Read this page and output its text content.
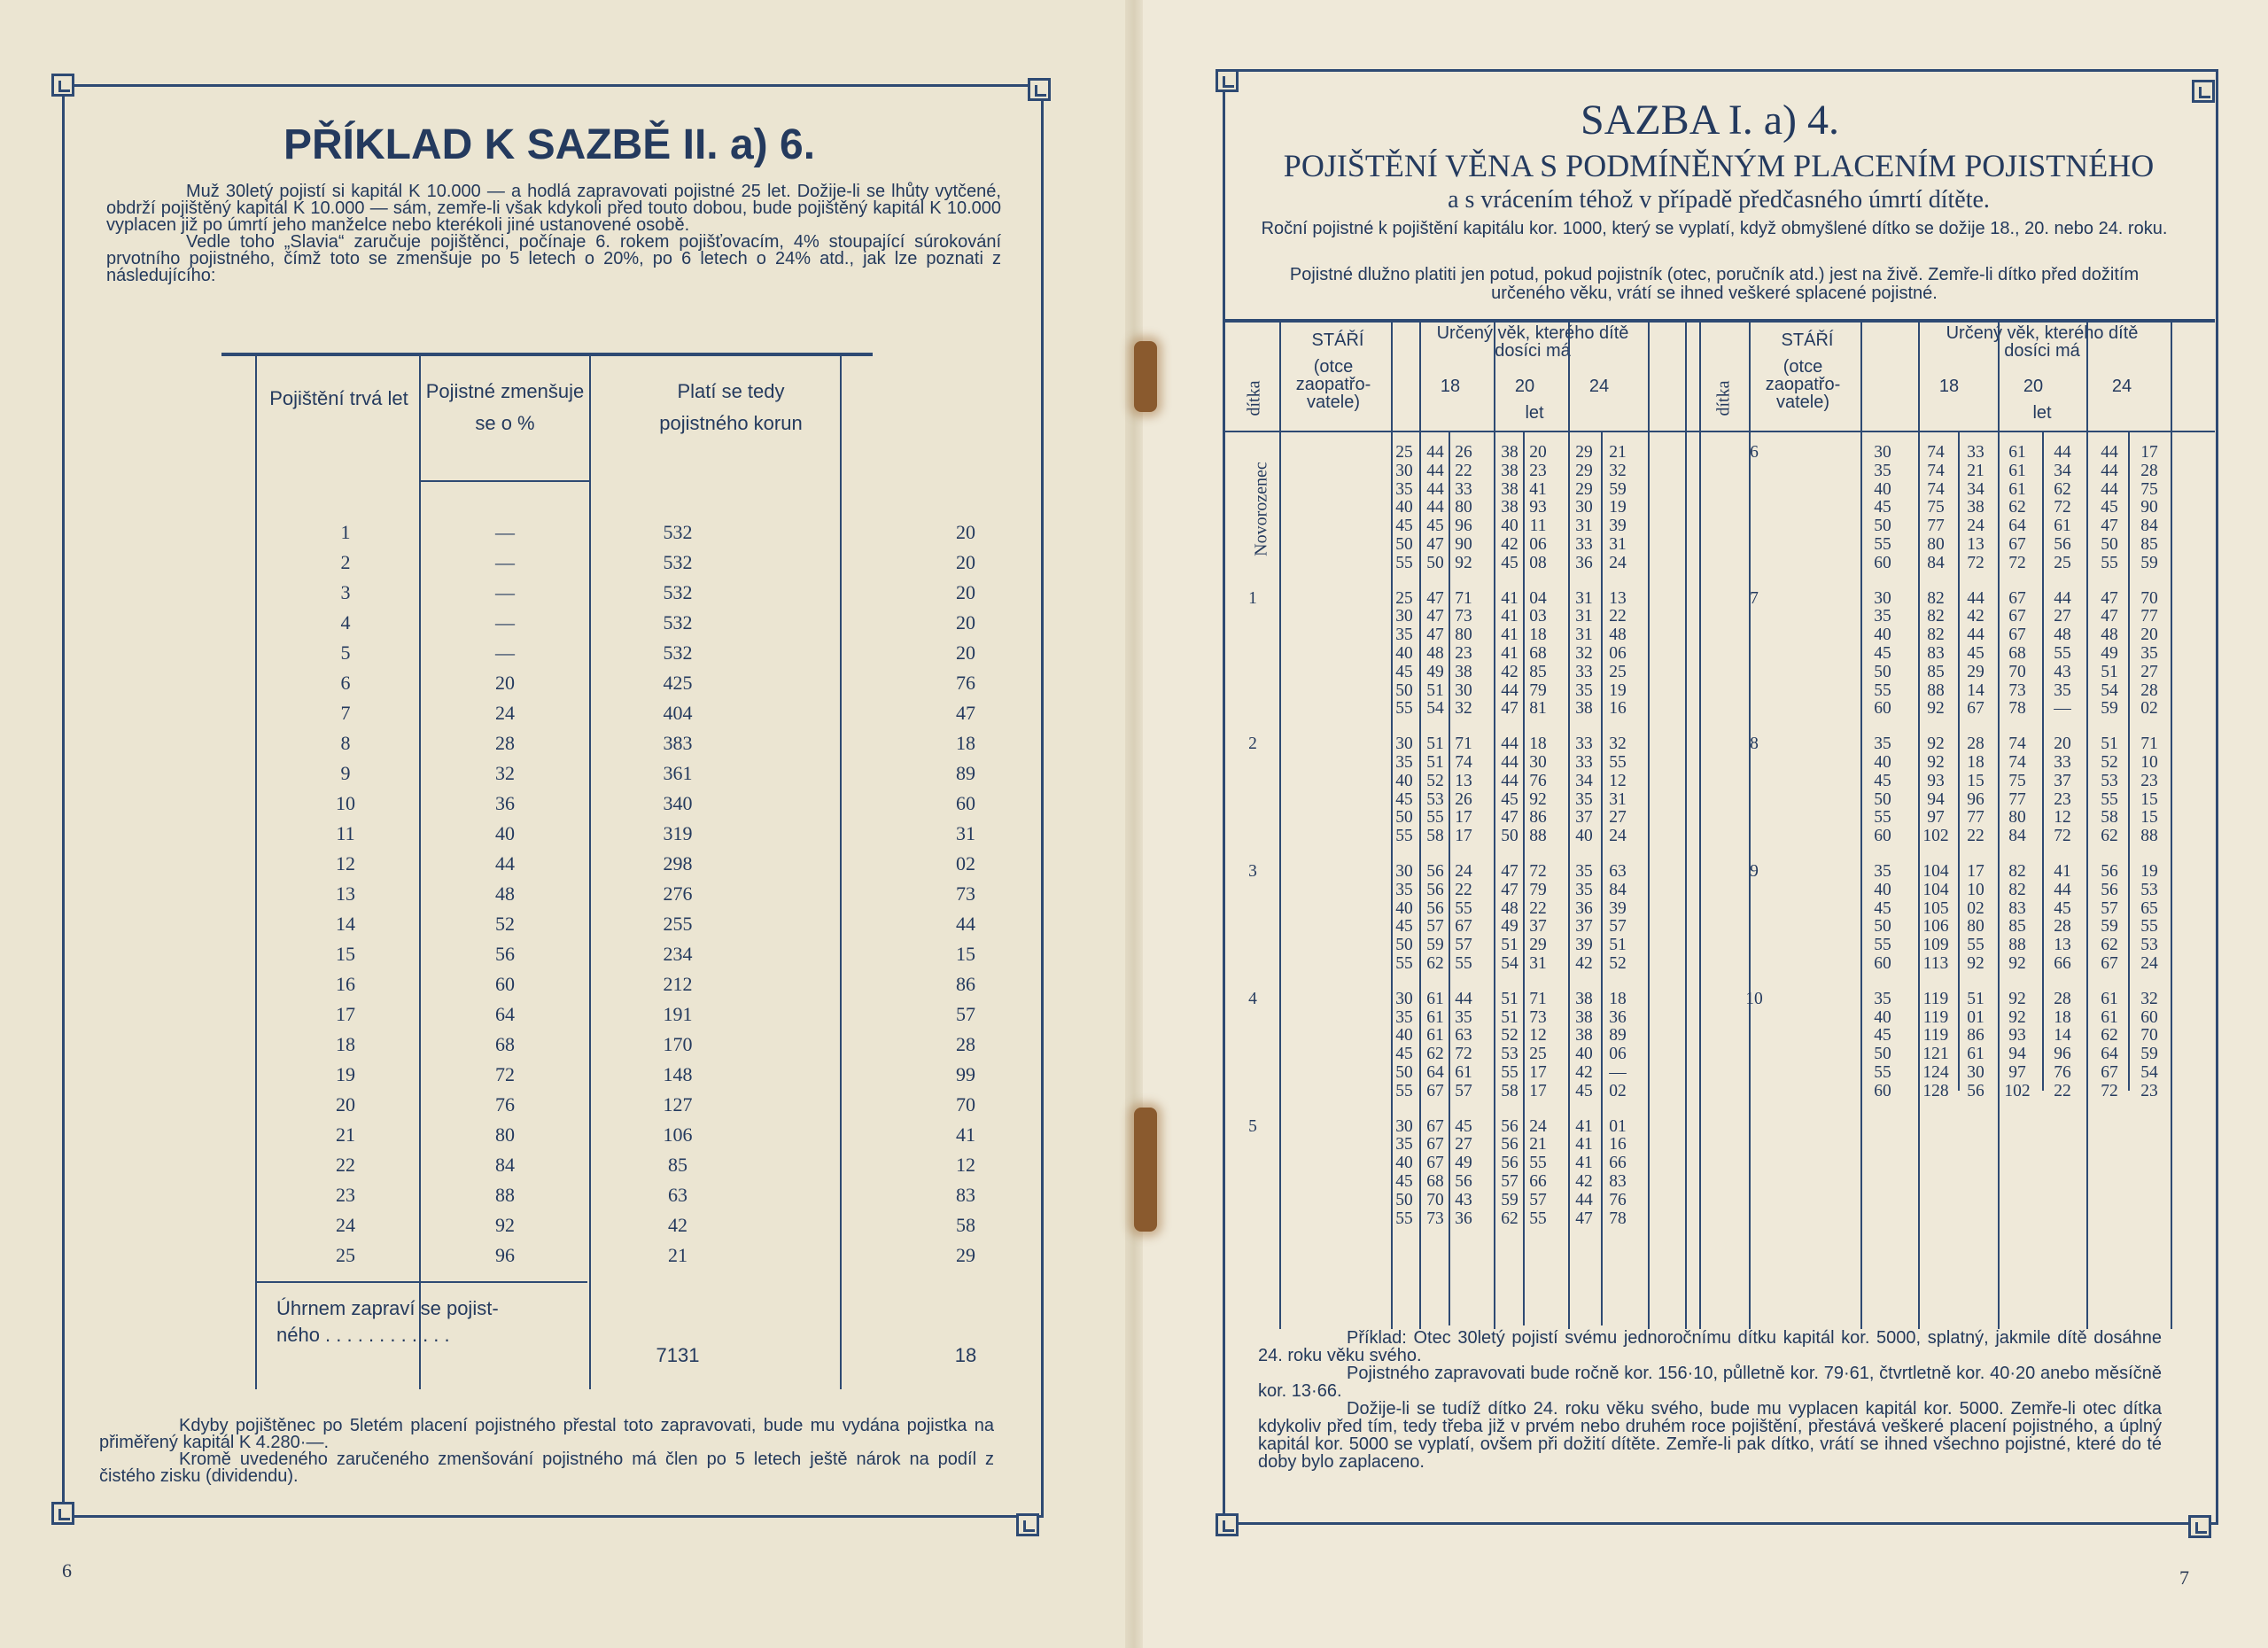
PŘÍKLAD K SAZBĚ II. a) 6.

Muž 30letý pojistí si kapitál K 10.000 — a hodlá zapravovati pojistné 25 let. Dožije-li se lhůty vytčené, obdrží pojištěný kapitál K 10.000 — sám, zemře-li však kdykoli před touto dobou, bude pojištěný kapitál K 10.000 vyplacen již po úmrtí jeho manželce nebo kterékoli jiné ustanovené osobě.

Vedle toho „Slavia“ zaručuje pojištěnci, počínaje 6. rokem pojišťovacím, 4% stoupající súrokování prvotního pojistného, čímž toto se zmenšuje po 5 letech o 20%, po 6 letech o 24% atd., jak lze poznati z následujícího:

Pojištění trvá let Pojistné zmenšuje se o %
Platí se tedy pojistného korun
1	—	532	20
2	—	532	20
3	—	532	20
4	—	532	20
5	—	532	20
6	20	425	76
7	24	404	47
8	28	383	18
9	32	361	89
10	36	340	60
11	40	319	31
12	44	298	02
13	48	276	73
14	52	255	44
15	56	234	15
16	60	212	86
17	64	191	57
18	68	170	28
19	72	148	99
20	76	127	70
21	80	106	41
22	84	85	12
23	88	63	83
24	92	42	58
25	96	21	29
Úhrnem zapraví se pojist-
ného . . . . . . . . . . . .
7131	18

Kdyby pojištěnec po 5letém placení pojistného přestal toto zapravovati, bude mu vydána pojistka na přiměřený kapitál K 4.280·—.

Kromě uvedeného zaručeného zmenšování pojistného má člen po 5 letech ještě nárok na podíl z čistého zisku (dividendu).

6
SAZBA I. a) 4.
POJIŠTĚNÍ VĚNA S PODMÍNĚNÝM PLACENÍM POJISTNÉHO
a s vrácením téhož v případě předčasného úmrtí dítěte.
Roční pojistné k pojištění kapitálu kor. 1000, který se vyplatí, když obmyšlené dítko se dožije 18., 20. nebo 24. roku.
Pojistné dlužno platiti jen potud, pokud pojistník (otec, poručník atd.) jest na živě. Zemře-li dítko před dožitím určeného věku, vrátí se ihned veškeré splacené pojistné.
STÁŘÍ
dítka
(otce zaopatřo- vatele)
Určený věk, kterého dítě dosíci má
18	20	24
let
STÁŘÍ
dítka
(otce zaopatřo- vatele)
Určený věk, kterého dítě dosíci má
18	20	24
let
Novorozenec
25 44 26	38 20	29 21
30 44 22	38 23	29 32
35 44 33	38 41	29 59
40 44 80	38 93	30 19
45 45 96	40 11	31 39
50 47 90	42 06	33 31
55 50 92	45 08	36 24
1	25 47 71	41 04	31 13
30 47 73	41 03	31 22
35 47 80	41 18	31 48
40 48 23	41 68	32 06
45 49 38	42 85	33 25
50 51 30	44 79	35 19
55 54 32	47 81	38 16
2	30 51 71	44 18	33 32
35 51 74	44 30	33 55
40 52 13	44 76	34 12
45 53 26	45 92	35 31
50 55 17	47 86	37 27
55 58 17	50 88	40 24
3	30 56 24	47 72	35 63
35 56 22	47 79	35 84
40 56 55	48 22	36 39
45 57 67	49 37	37 57
50 59 57	51 29	39 51
55 62 55	54 31	42 52
4	30 61 44	51 71	38 18
35 61 35	51 73	38 36
40 61 63	52 12	38 89
45 62 72	53 25	40 06
50 64 61	55 17	42 —
55 67 57	58 17	45 02
5	30 67 45	56 24	41 01
35 67 27	56 21	41 16
40 67 49	56 55	41 66
45 68 56	57 66	42 83
50 70 43	59 57	44 76
55 73 36	62 55	47 78
6	30	74	33	61	44	44	17
35	74	21	61	34	44	28
40	74	34	61	62	44	75
45	75	38	62	72	45	90
50	77	24	64	61	47	84
55	80	13	67	56	50	85
60	84	72	72	25	55	59
7	30	82	44	67	44	47	70
35	82	42	67	27	47	77
40	82	44	67	48	48	20
45	83	45	68	55	49	35
50	85	29	70	43	51	27
55	88	14	73	35	54	28
60	92	67	78	—	59	02
8	35	92	28	74	20	51	71
40	92	18	74	33	52	10
45	93	15	75	37	53	23
50	94	96	77	23	55	15
55	97	77	80	12	58	15
60	102	22	84	72	62	88
9	35	104	17	82	41	56	19
40	104	10	82	44	56	53
45	105	02	83	45	57	65
50	106	80	85	28	59	55
55	109	55	88	13	62	53
60	113	92	92	66	67	24
10	35	119	51	92	28	61	32
40	119	01	92	18	61	60
45	119	86	93	14	62	70
50	121	61	94	96	64	59
55	124	30	97	76	67	54
60	128	56	102	22	72	23

Příklad: Otec 30letý pojistí svému jednoročnímu dítku kapitál kor. 5000, splatný, jakmile dítě dosáhne 24. roku věku svého.

Pojistného zapravovati bude ročně kor. 156·10, půlletně kor. 79·61, čtvrtletně kor. 40·20 anebo měsíčně kor. 13·66.

Dožije-li se tudíž dítko 24. roku věku svého, bude mu vyplacen kapitál kor. 5000. Zemře-li otec dítka kdykoliv před tím, tedy třeba již v prvém nebo druhém roce pojištění, přestává veškeré placení pojistného, a úplný kapitál kor. 5000 se vyplatí, ovšem při dožití dítěte. Zemře-li pak dítko, vrátí se ihned všechno pojistné, které do té doby bylo zaplaceno.

7
